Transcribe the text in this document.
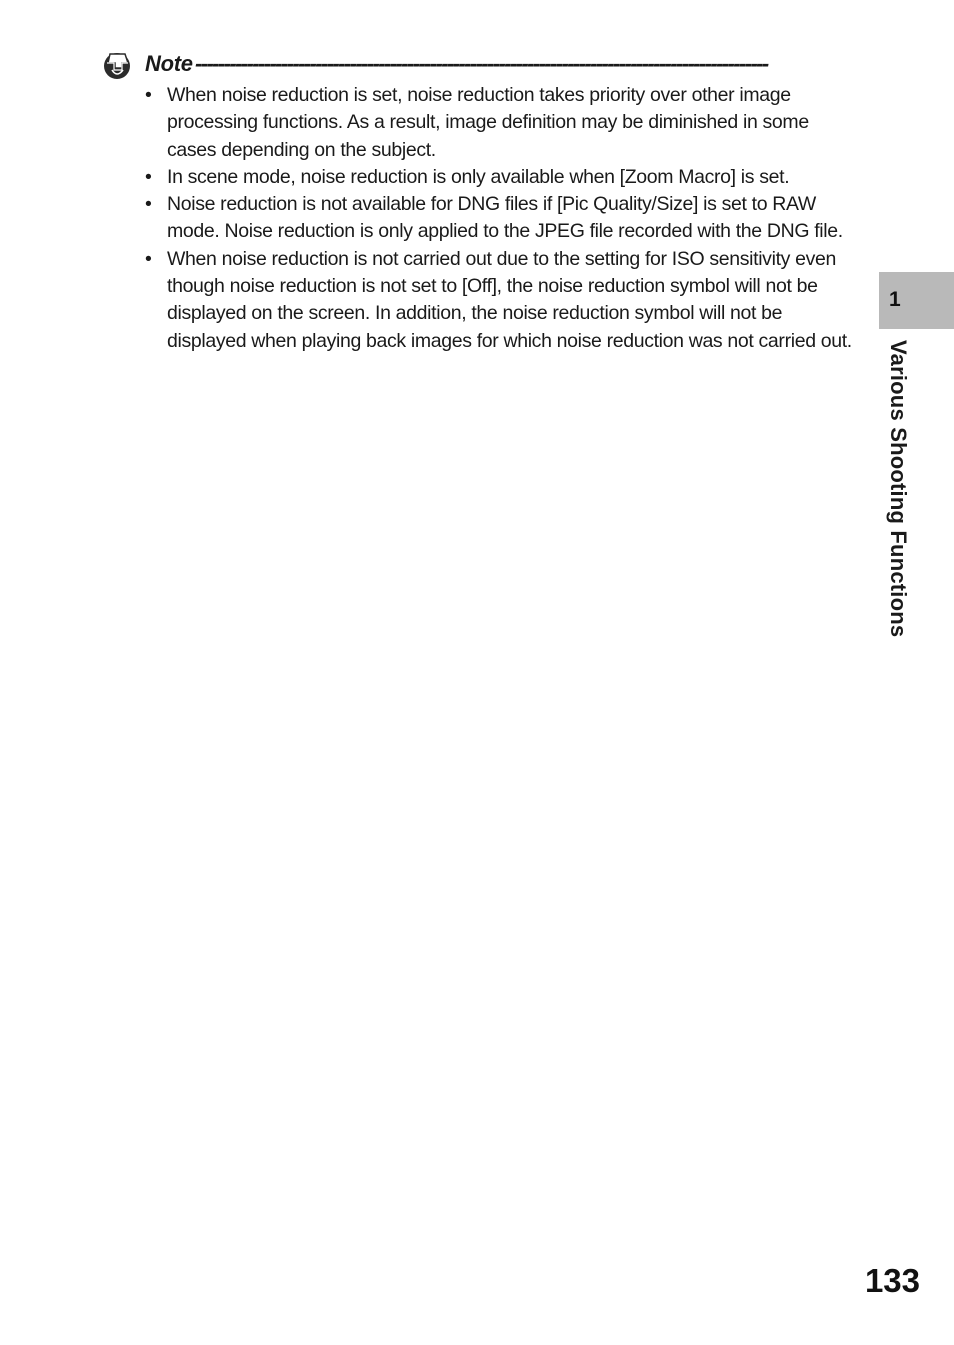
Note ----------------------------------------------------------------------------------------------------
• When noise reduction is set, noise reduction takes priority over other image processing functions. As a result, image definition may be diminished in some cases depending on the subject.
• In scene mode, noise reduction is only available when [Zoom Macro] is set.
• Noise reduction is not available for DNG files if [Pic Quality/Size] is set to RAW mode. Noise reduction is only applied to the JPEG file recorded with the DNG file.
• When noise reduction is not carried out due to the setting for ISO sensitivity even though noise reduction is not set to [Off], the noise reduction symbol will not be displayed on the screen. In addition, the noise reduction symbol will not be displayed when playing back images for which noise reduction was not carried out.
1
Various Shooting Functions
133
